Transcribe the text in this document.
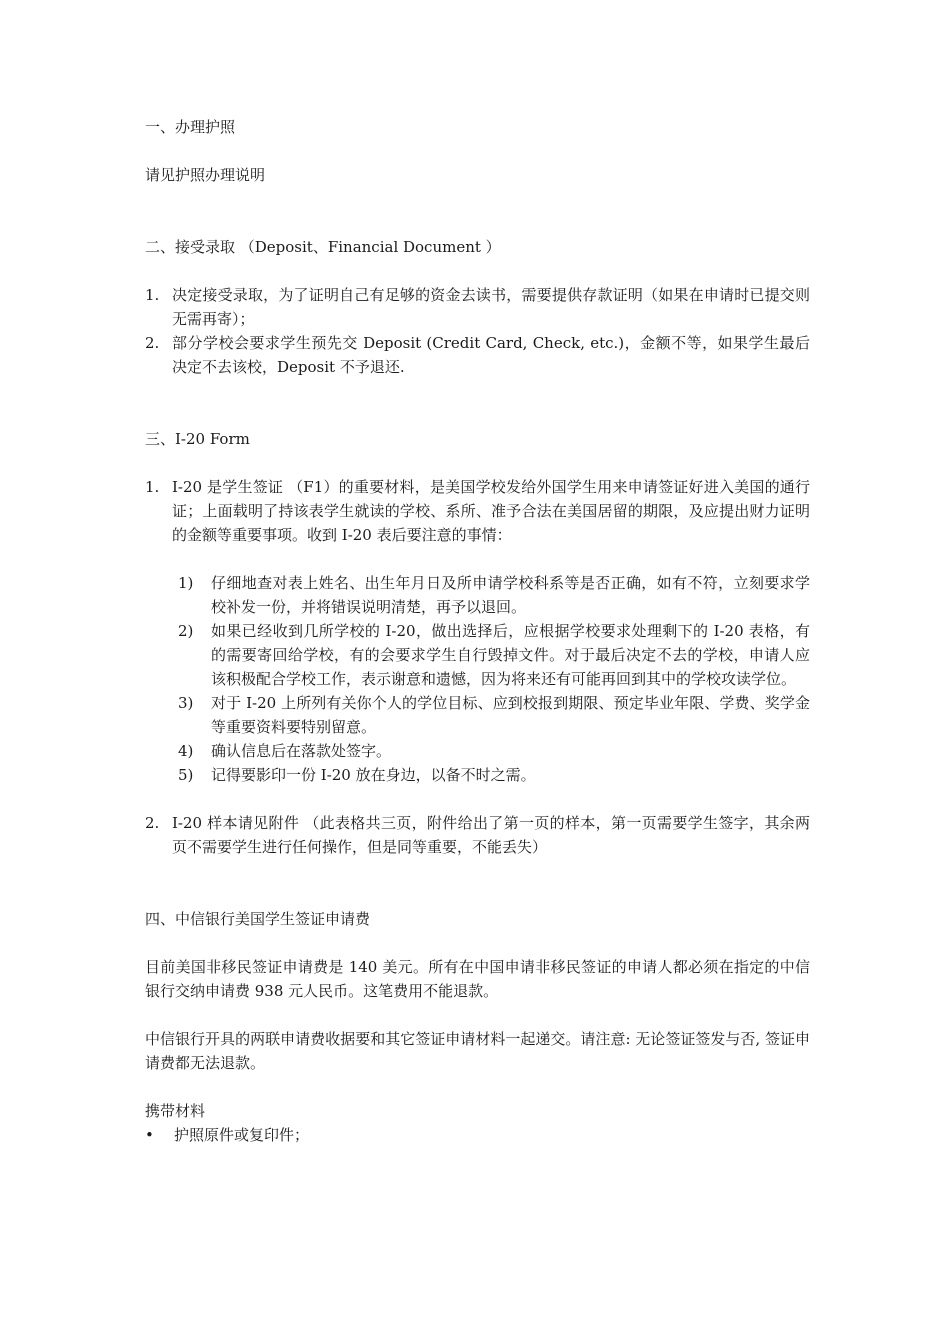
一、办理护照

请见护照办理说明

二、接受录取 （Deposit、Financial Document ）

1. 决定接受录取，为了证明自己有足够的资金去读书，需要提供存款证明（如果在申请时已提交则无需再寄）；
2. 部分学校会要求学生预先交 Deposit (Credit Card, Check, etc.)，金额不等，如果学生最后决定不去该校，Deposit 不予退还.

三、I-20 Form

1. I-20 是学生签证 （F1）的重要材料，是美国学校发给外国学生用来申请签证好进入美国的通行证；上面载明了持该表学生就读的学校、系所、准予合法在美国居留的期限，及应提出财力证明的金额等重要事项。收到 I-20 表后要注意的事情：
1)	仔细地查对表上姓名、出生年月日及所申请学校科系等是否正确，如有不符，立刻要求学校补发一份，并将错误说明清楚，再予以退回。
2)	如果已经收到几所学校的 I-20，做出选择后，应根据学校要求处理剩下的 I-20 表格，有的需要寄回给学校，有的会要求学生自行毁掉文件。对于最后决定不去的学校，申请人应该积极配合学校工作，表示谢意和遗憾，因为将来还有可能再回到其中的学校攻读学位。
3)	对于 I-20 上所列有关你个人的学位目标、应到校报到期限、预定毕业年限、学费、奖学金等重要资料要特别留意。
4)	确认信息后在落款处签字。
5)	记得要影印一份 I-20 放在身边，以备不时之需。
2. I-20 样本请见附件 （此表格共三页，附件给出了第一页的样本，第一页需要学生签字，其余两页不需要学生进行任何操作，但是同等重要，不能丢失）

四、中信银行美国学生签证申请费

目前美国非移民签证申请费是 140 美元。所有在中国申请非移民签证的申请人都必须在指定的中信银行交纳申请费 938 元人民币。这笔费用不能退款。

中信银行开具的两联申请费收据要和其它签证申请材料一起递交。请注意: 无论签证签发与否, 签证申请费都无法退款。

携带材料

•	护照原件或复印件；
